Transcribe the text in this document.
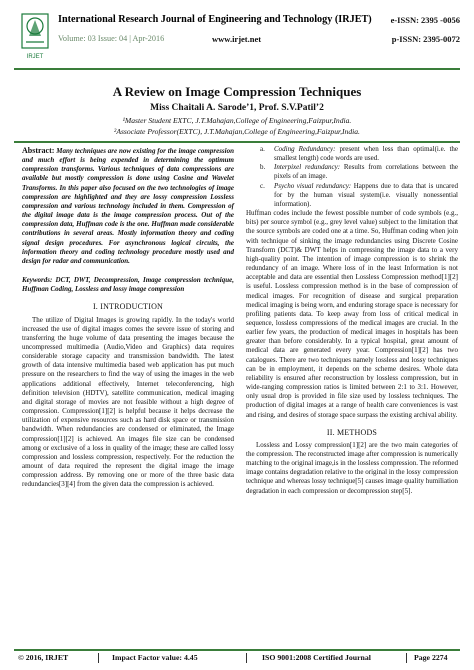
IRJET
International Research Journal of Engineering and Technology (IRJET) e-ISSN: 2395 -0056
Volume: 03 Issue: 04 | Apr-2016	www.irjet.net	p-ISSN: 2395-0072
A Review on Image Compression Techniques
Miss Chaitali A. Sarode’1, Prof. S.V.Patil’2
¹Master Student EXTC, J.T.Mahajan,College of Engineering,Faizpur,India.
²Associate Professor(EXTC), J.T.Mahajan,College of Engineering,Faizpur,India.
Abstract: Many techniques are now existing for the image compression and much effort is being expended in determining the optimum compression transforms. Various techniques of data compressions are available but mostly compression is done using Cosine and Wavelet Transforms. In this paper also focused on the two technologies of image compression are highlighted and they are lossy compression Lossless compression and various technology included in them. Compression of the digital image data is the image compression process. Out of the compression data, Huffman code is the one. Huffman made considerable contributions in several areas. Mostly information theory and coding signal design procedures. For asynchronous logical circuits, the information theory and coding technology procedure mostly used and design for radar and communication.
Keywords: DCT, DWT, Decompression, Image compression technique, Huffman Coding, Lossless and lossy image compression
I. INTRODUCTION
The utilize of Digital Images is growing rapidly. In the today's world increased the use of digital images comes the severe issue of storing and transferring the huge volume of data presenting the images because the uncompressed multimedia (Audio,Video and Graphics) data requires considerable storage capacity and transmission bandwidth. The latest growth of data intensive multimedia based web application has put much pressure on the researchers to find the way of using the images in the web applications additional effectively, Internet teleconferencing, high definition television (HDTV), satellite communication, medical imaging and digital storage of movies are not feasible without a high degree of compression. Compression[1][2] is helpful because it helps decrease the utilization of expensive resources such as hard disk space or transmission bandwidth. When redundancies are condensed or eliminated, the Image compression[1][2] is achieved. An images file size can be condensed among or exclusive of a loss in quality of the image; these are called lossy compression and lossless compression, respectively. For the reduction the amount of data required the represent the digital image the image compression address. By removing one or more of the three basic data redundancies[3][4] from the given data the compression is achieved.
a. Coding Redundancy: present when less than optimal(i.e. the smallest length) code words are used.
b. Interpixel redundancy: Results from correlations between the pixels of an image.
c. Psycho visual redundancy: Happens due to data that is uncared for by the human visual system(i.e. visually nonessential information).
Huffman codes include the fewest possible number of code symbols (e.g., bits) per source symbol (e.g., grey level value) subject to the limitation that the source symbols are coded one at a time. So, Huffman coding when join with technique of sinking the image redundancies using Discrete Cosine Transform (DCT)& DWT helps in compressing the image data to a very high-quality point. The intention of image compression is to shrink the redundancy of an image. Where loss of in the least Information is not acceptable and data are essential then Lossless Compression method[1][2] is useful. Lossless compression method is in the base of compression of medical images. For recognition of disease and surgical preparation medical imaging is being worn, and enduring storage space is necessary for profiling patients data. To keep away from loss of critical medical in sequence, lossless compressions of the medical images are crucial. In the earlier few years, the production of medical images in hospitals has been greater than before considerably. In a typical hospital, great amount of medical data are generated every year. Compression[1][2] has two catalogues. There are two techniques namely lossless and lossy techniques can be in employment, it depends on the scheme desires. Whole data reliability is ensured after reconstruction by lossless compression, but in wide-ranging compression ratios is limited between 2:1 to 3:1. However, only usual drop is provided in file size used by lossless techniques. The production of digital images at a range of health care conveniences is vast and rising, and desires of storage space surpass the existing archival ability.
II. METHODS
Lossless and Lossy compression[1][2] are the two main categories of the compression. The reconstructed image after compression is numerically matching to the original image,is in the lossless compression. The reformed image contains degradation relative to the original in the lossy compression technique and whereas lossy technique[5] causes image quality humiliation degradation in each compression or decompression step[5].
© 2016, IRJET	Impact Factor value: 4.45	ISO 9001:2008 Certified Journal	Page 2274
